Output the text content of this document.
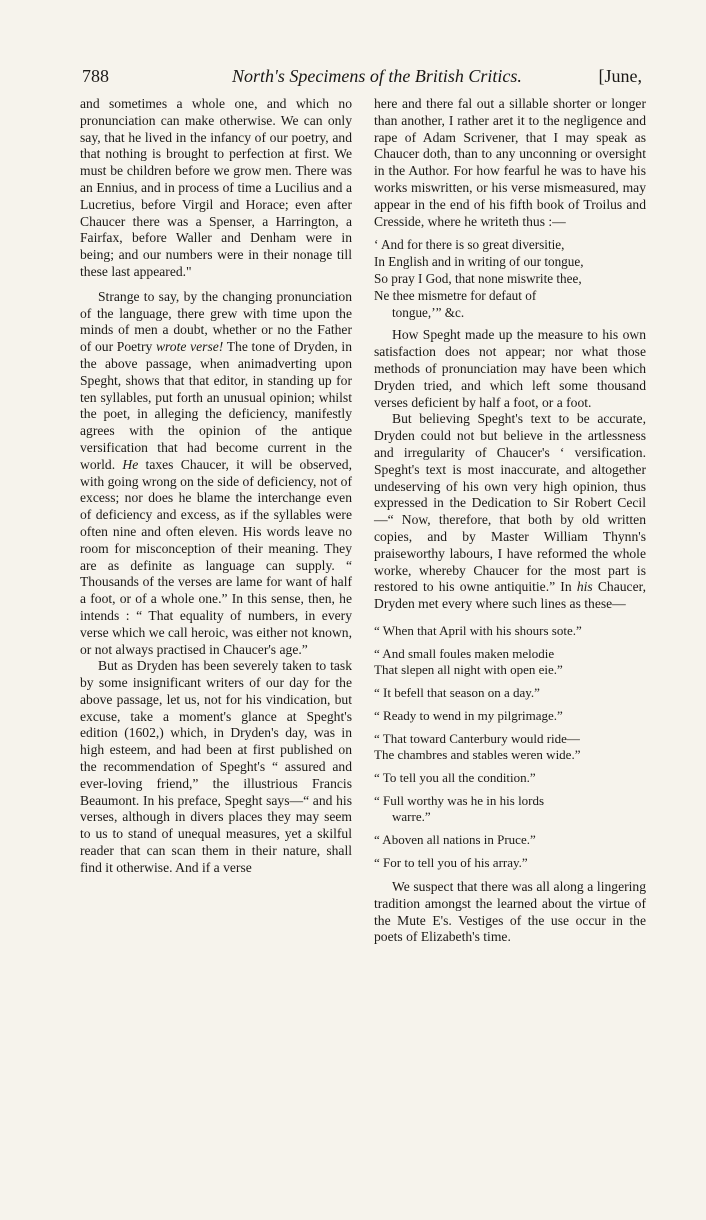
788	North's Specimens of the British Critics.	[June,

and sometimes a whole one, and which no pronunciation can make otherwise. We can only say, that he lived in the infancy of our poetry, and that nothing is brought to perfection at first. We must be children before we grow men. There was an Ennius, and in process of time a Lucilius and a Lucretius, before Virgil and Horace; even after Chaucer there was a Spenser, a Harrington, a Fairfax, before Waller and Denham were in being; and our numbers were in their nonage till these last appeared."

Strange to say, by the changing pronunciation of the language, there grew with time upon the minds of men a doubt, whether or no the Father of our Poetry wrote verse! The tone of Dryden, in the above passage, when animadverting upon Speght, shows that that editor, in standing up for ten syllables, put forth an unusual opinion; whilst the poet, in alleging the deficiency, manifestly agrees with the opinion of the antique versification that had become current in the world. He taxes Chaucer, it will be observed, with going wrong on the side of deficiency, not of excess; nor does he blame the interchange even of deficiency and excess, as if the syllables were often nine and often eleven. His words leave no room for misconception of their meaning. They are as definite as language can supply. “ Thousands of the verses are lame for want of half a foot, or of a whole one.” In this sense, then, he intends : “ That equality of numbers, in every verse which we call heroic, was either not known, or not always practised in Chaucer's age.”

But as Dryden has been severely taken to task by some insignificant writers of our day for the above passage, let us, not for his vindication, but excuse, take a moment's glance at Speght's edition (1602,) which, in Dryden's day, was in high esteem, and had been at first published on the recommendation of Speght's “ assured and ever-loving friend,” the illustrious Francis Beaumont. In his preface, Speght says—“ and his verses, although in divers places they may seem to us to stand of unequal measures, yet a skilful reader that can scan them in their nature, shall find it otherwise. And if a verse

here and there fal out a sillable shorter or longer than another, I rather aret it to the negligence and rape of Adam Scrivener, that I may speak as Chaucer doth, than to any unconning or oversight in the Author. For how fearful he was to have his works miswritten, or his verse mismeasured, may appear in the end of his fifth book of Troilus and Cresside, where he writeth thus :—

‘ And for there is so great diversitie,
In English and in writing of our tongue,
So pray I God, that none miswrite thee,
Ne thee mismetre for defaut of
tongue,’” &c.

How Speght made up the measure to his own satisfaction does not appear; nor what those methods of pronunciation may have been which Dryden tried, and which left some thousand verses deficient by half a foot, or a foot.

But believing Speght's text to be accurate, Dryden could not but believe in the artlessness and irregularity of Chaucer's ‘ versification. Speght's text is most inaccurate, and altogether undeserving of his own very high opinion, thus expressed in the Dedication to Sir Robert Cecil —“ Now, therefore, that both by old written copies, and by Master William Thynn's praiseworthy labours, I have reformed the whole worke, whereby Chaucer for the most part is restored to his owne antiquitie.” In his Chaucer, Dryden met every where such lines as these—

“ When that April with his shours sote.”
“ And small foules maken melodie
That slepen all night with open eie.”
“ It befell that season on a day.”
“ Ready to wend in my pilgrimage.”
“ That toward Canterbury would ride—
The chambres and stables weren wide.”
“ To tell you all the condition.”
“ Full worthy was he in his lords
warre.”
“ Aboven all nations in Pruce.”
“ For to tell you of his array.”

We suspect that there was all along a lingering tradition amongst the learned about the virtue of the Mute E's. Vestiges of the use occur in the poets of Elizabeth's time.
